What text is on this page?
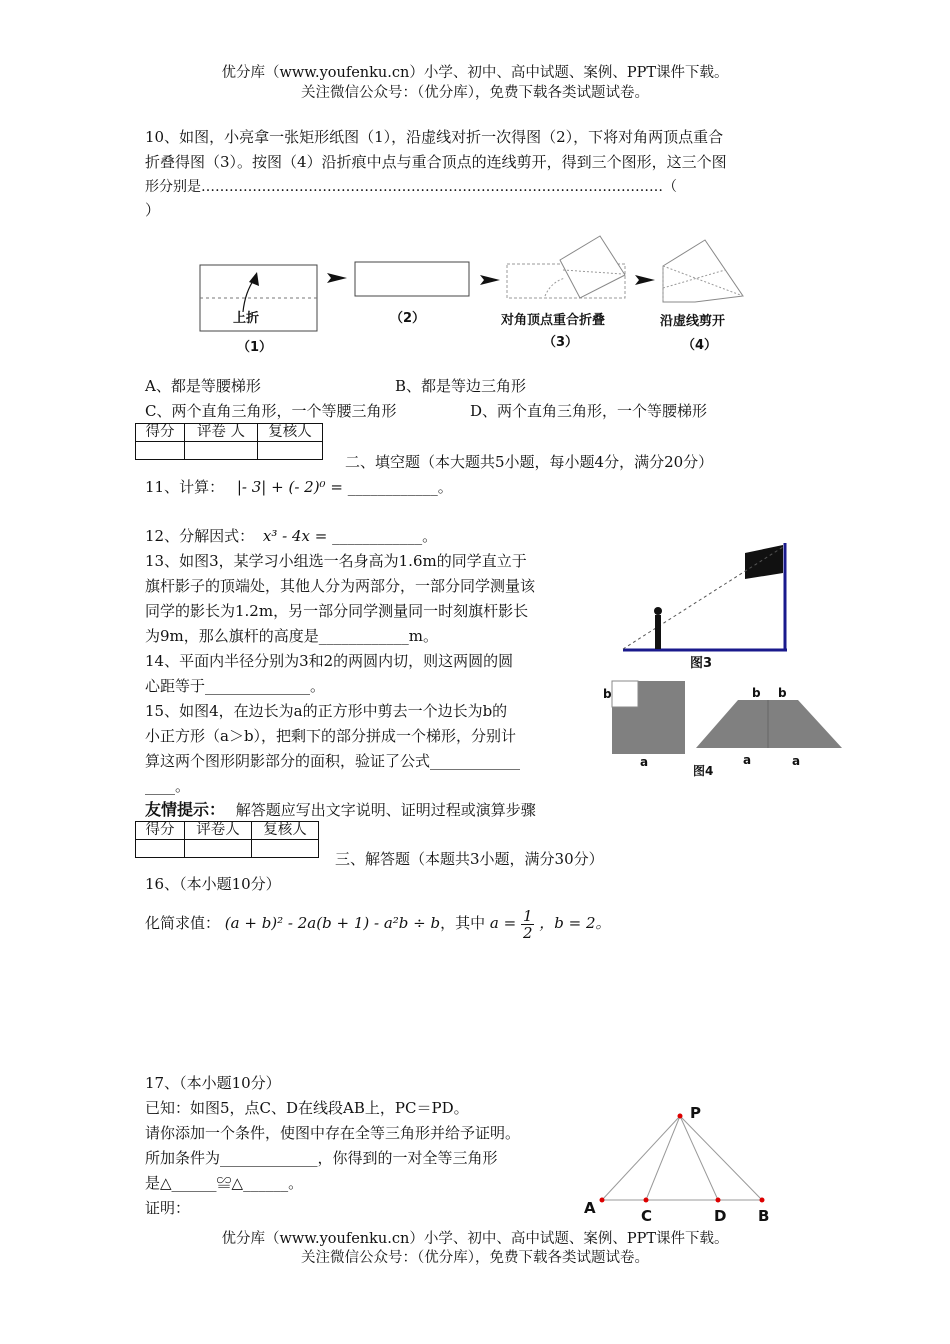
优分库（www.youfenku.cn）小学、初中、高中试题、案例、PPT课件下载。
关注微信公众号：（优分库），免费下载各类试题试卷。
10、如图，小亮拿一张矩形纸图（1），沿虚线对折一次得图（2），下将对角两顶点重合
折叠得图（3）。按图（4）沿折痕中点与重合顶点的连线剪开，得到三个图形，这三个图
形分别是………………………………………………………………………………………（
）
上折
（1）
（2）	对角顶点重合折叠
（3）
沿虚线剪开
（4）
A、都是等腰梯形	B、都是等边三角形
C、两个直角三角形，一个等腰三角形	D、两个直角三角形，一个等腰梯形
得分	评卷 人	复核人

二、填空题（本大题共5小题，每小题4分，满分20分）
11、计算： |- 3| + (- 2)⁰ = ____________。
12、分解因式： x³ - 4x = ____________。
13、如图3，某学习小组选一名身高为1.6m的同学直立于
旗杆影子的顶端处，其他人分为两部分，一部分同学测量该
同学的影长为1.2m，另一部分同学测量同一时刻旗杆影长
为9m，那么旗杆的高度是____________m。
图3
14、平面内半径分别为3和2的两圆内切，则这两圆的圆
心距等于______________。
15、如图4，在边长为a的正方形中剪去一个边长为b的
小正方形（a＞b），把剩下的部分拼成一个梯形，分别计
算这两个图形阴影部分的面积，验证了公式____________
____。
b
a
b b
a	a
图4
友情提示： 解答题应写出文字说明、证明过程或演算步骤
得分	评卷人	复核人

三、解答题（本题共3小题，满分30分）
16、（本小题10分）
化简求值： (a + b)² - 2a(b + 1) - a²b ÷ b，其中 $a = \frac{1}{2}$ ，b = 2。
17、（本小题10分）
已知：如图5，点C、D在线段AB上，PC＝PD。
请你添加一个条件，使图中存在全等三角形并给予证明。
所加条件为_____________，你得到的一对全等三角形
是△______≌△______。
证明：
P
A	C	D B
优分库（www.youfenku.cn）小学、初中、高中试题、案例、PPT课件下载。
关注微信公众号：（优分库），免费下载各类试题试卷。
